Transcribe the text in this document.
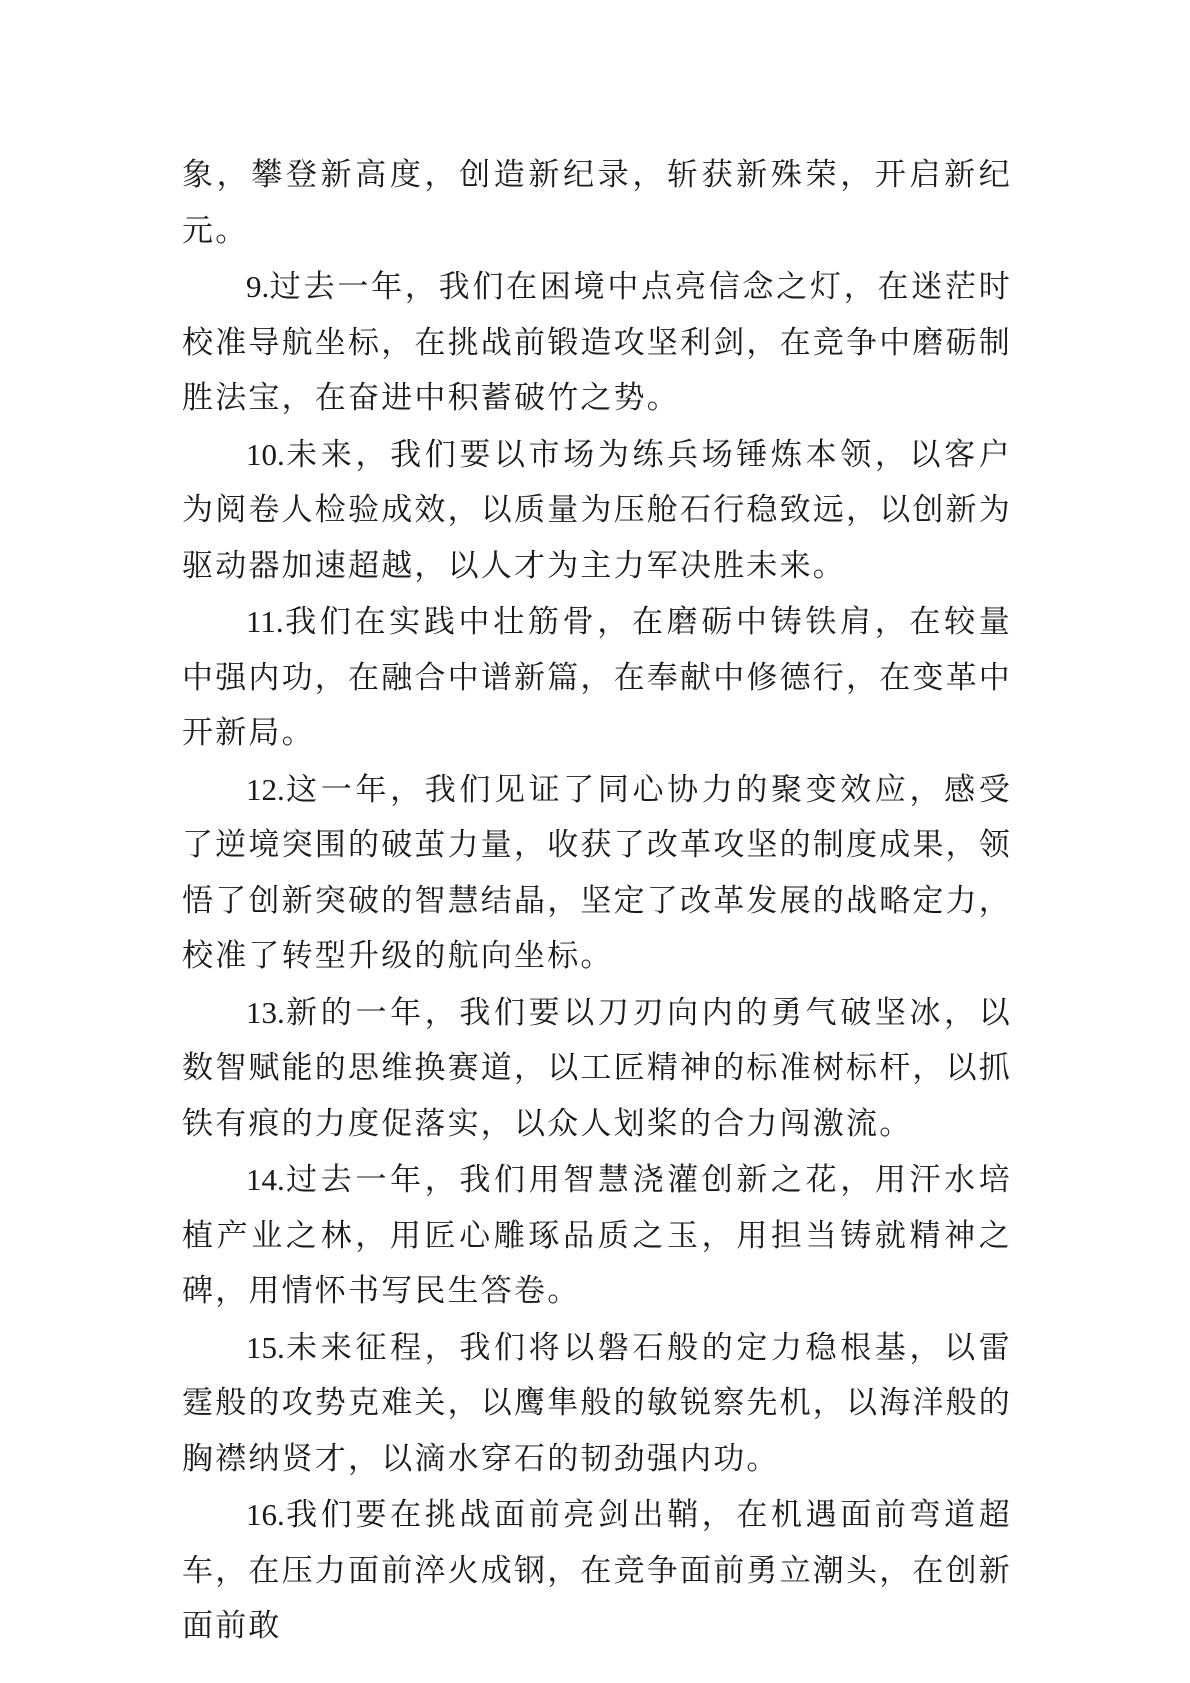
象，攀登新高度，创造新纪录，斩获新殊荣，开启新纪元。

9.过去一年，我们在困境中点亮信念之灯，在迷茫时校准导航坐标，在挑战前锻造攻坚利剑，在竞争中磨砺制胜法宝，在奋进中积蓄破竹之势。

10.未来，我们要以市场为练兵场锤炼本领，以客户为阅卷人检验成效，以质量为压舱石行稳致远，以创新为驱动器加速超越，以人才为主力军决胜未来。

11.我们在实践中壮筋骨，在磨砺中铸铁肩，在较量中强内功，在融合中谱新篇，在奉献中修德行，在变革中开新局。

12.这一年，我们见证了同心协力的聚变效应，感受了逆境突围的破茧力量，收获了改革攻坚的制度成果，领悟了创新突破的智慧结晶，坚定了改革发展的战略定力，校准了转型升级的航向坐标。

13.新的一年，我们要以刀刃向内的勇气破坚冰，以数智赋能的思维换赛道，以工匠精神的标准树标杆，以抓铁有痕的力度促落实，以众人划桨的合力闯激流。

14.过去一年，我们用智慧浇灌创新之花，用汗水培植产业之林，用匠心雕琢品质之玉，用担当铸就精神之碑，用情怀书写民生答卷。

15.未来征程，我们将以磐石般的定力稳根基，以雷霆般的攻势克难关，以鹰隼般的敏锐察先机，以海洋般的胸襟纳贤才，以滴水穿石的韧劲强内功。

16.我们要在挑战面前亮剑出鞘，在机遇面前弯道超车，在压力面前淬火成钢，在竞争面前勇立潮头，在创新面前敢
